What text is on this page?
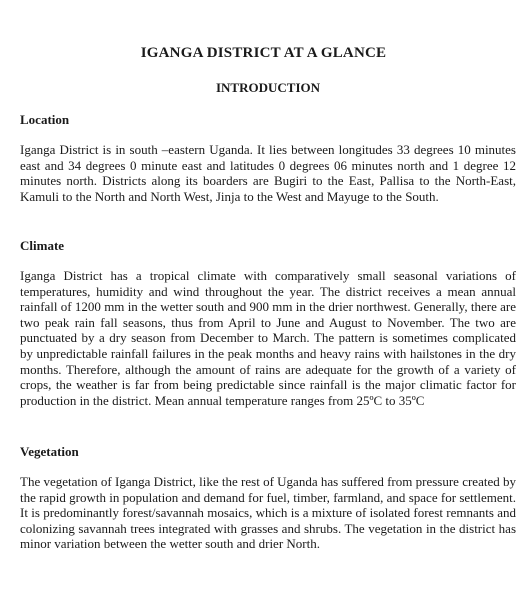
IGANGA DISTRICT AT A GLANCE
INTRODUCTION
Location
Iganga District is in south –eastern Uganda. It lies between longitudes 33 degrees 10 minutes east and 34 degrees 0 minute east and latitudes 0 degrees 06 minutes north and 1 degree 12 minutes north. Districts along its boarders are Bugiri to the East, Pallisa to the North-East, Kamuli to the North and North West, Jinja to the West and Mayuge to the South.
Climate
Iganga District has a tropical climate with comparatively small seasonal variations of temperatures, humidity and wind throughout the year. The district receives a mean annual rainfall of 1200 mm in the wetter south and 900 mm in the drier northwest. Generally, there are two peak rain fall seasons, thus from April to June and August to November. The two are punctuated by a dry season from December to March. The pattern is sometimes complicated by unpredictable rainfall failures in the peak months and heavy rains with hailstones in the dry months. Therefore, although the amount of rains are adequate for the growth of a variety of crops, the weather is far from being predictable since rainfall is the major climatic factor for production in the district. Mean annual temperature ranges from 25ºC to 35ºC
Vegetation
The vegetation of Iganga District, like the rest of Uganda has suffered from pressure created by the rapid growth in population and demand for fuel, timber, farmland, and space for settlement. It is predominantly forest/savannah mosaics, which is a mixture of isolated forest remnants and colonizing savannah trees integrated with grasses and shrubs. The vegetation in the district has minor variation between the wetter south and drier North.
